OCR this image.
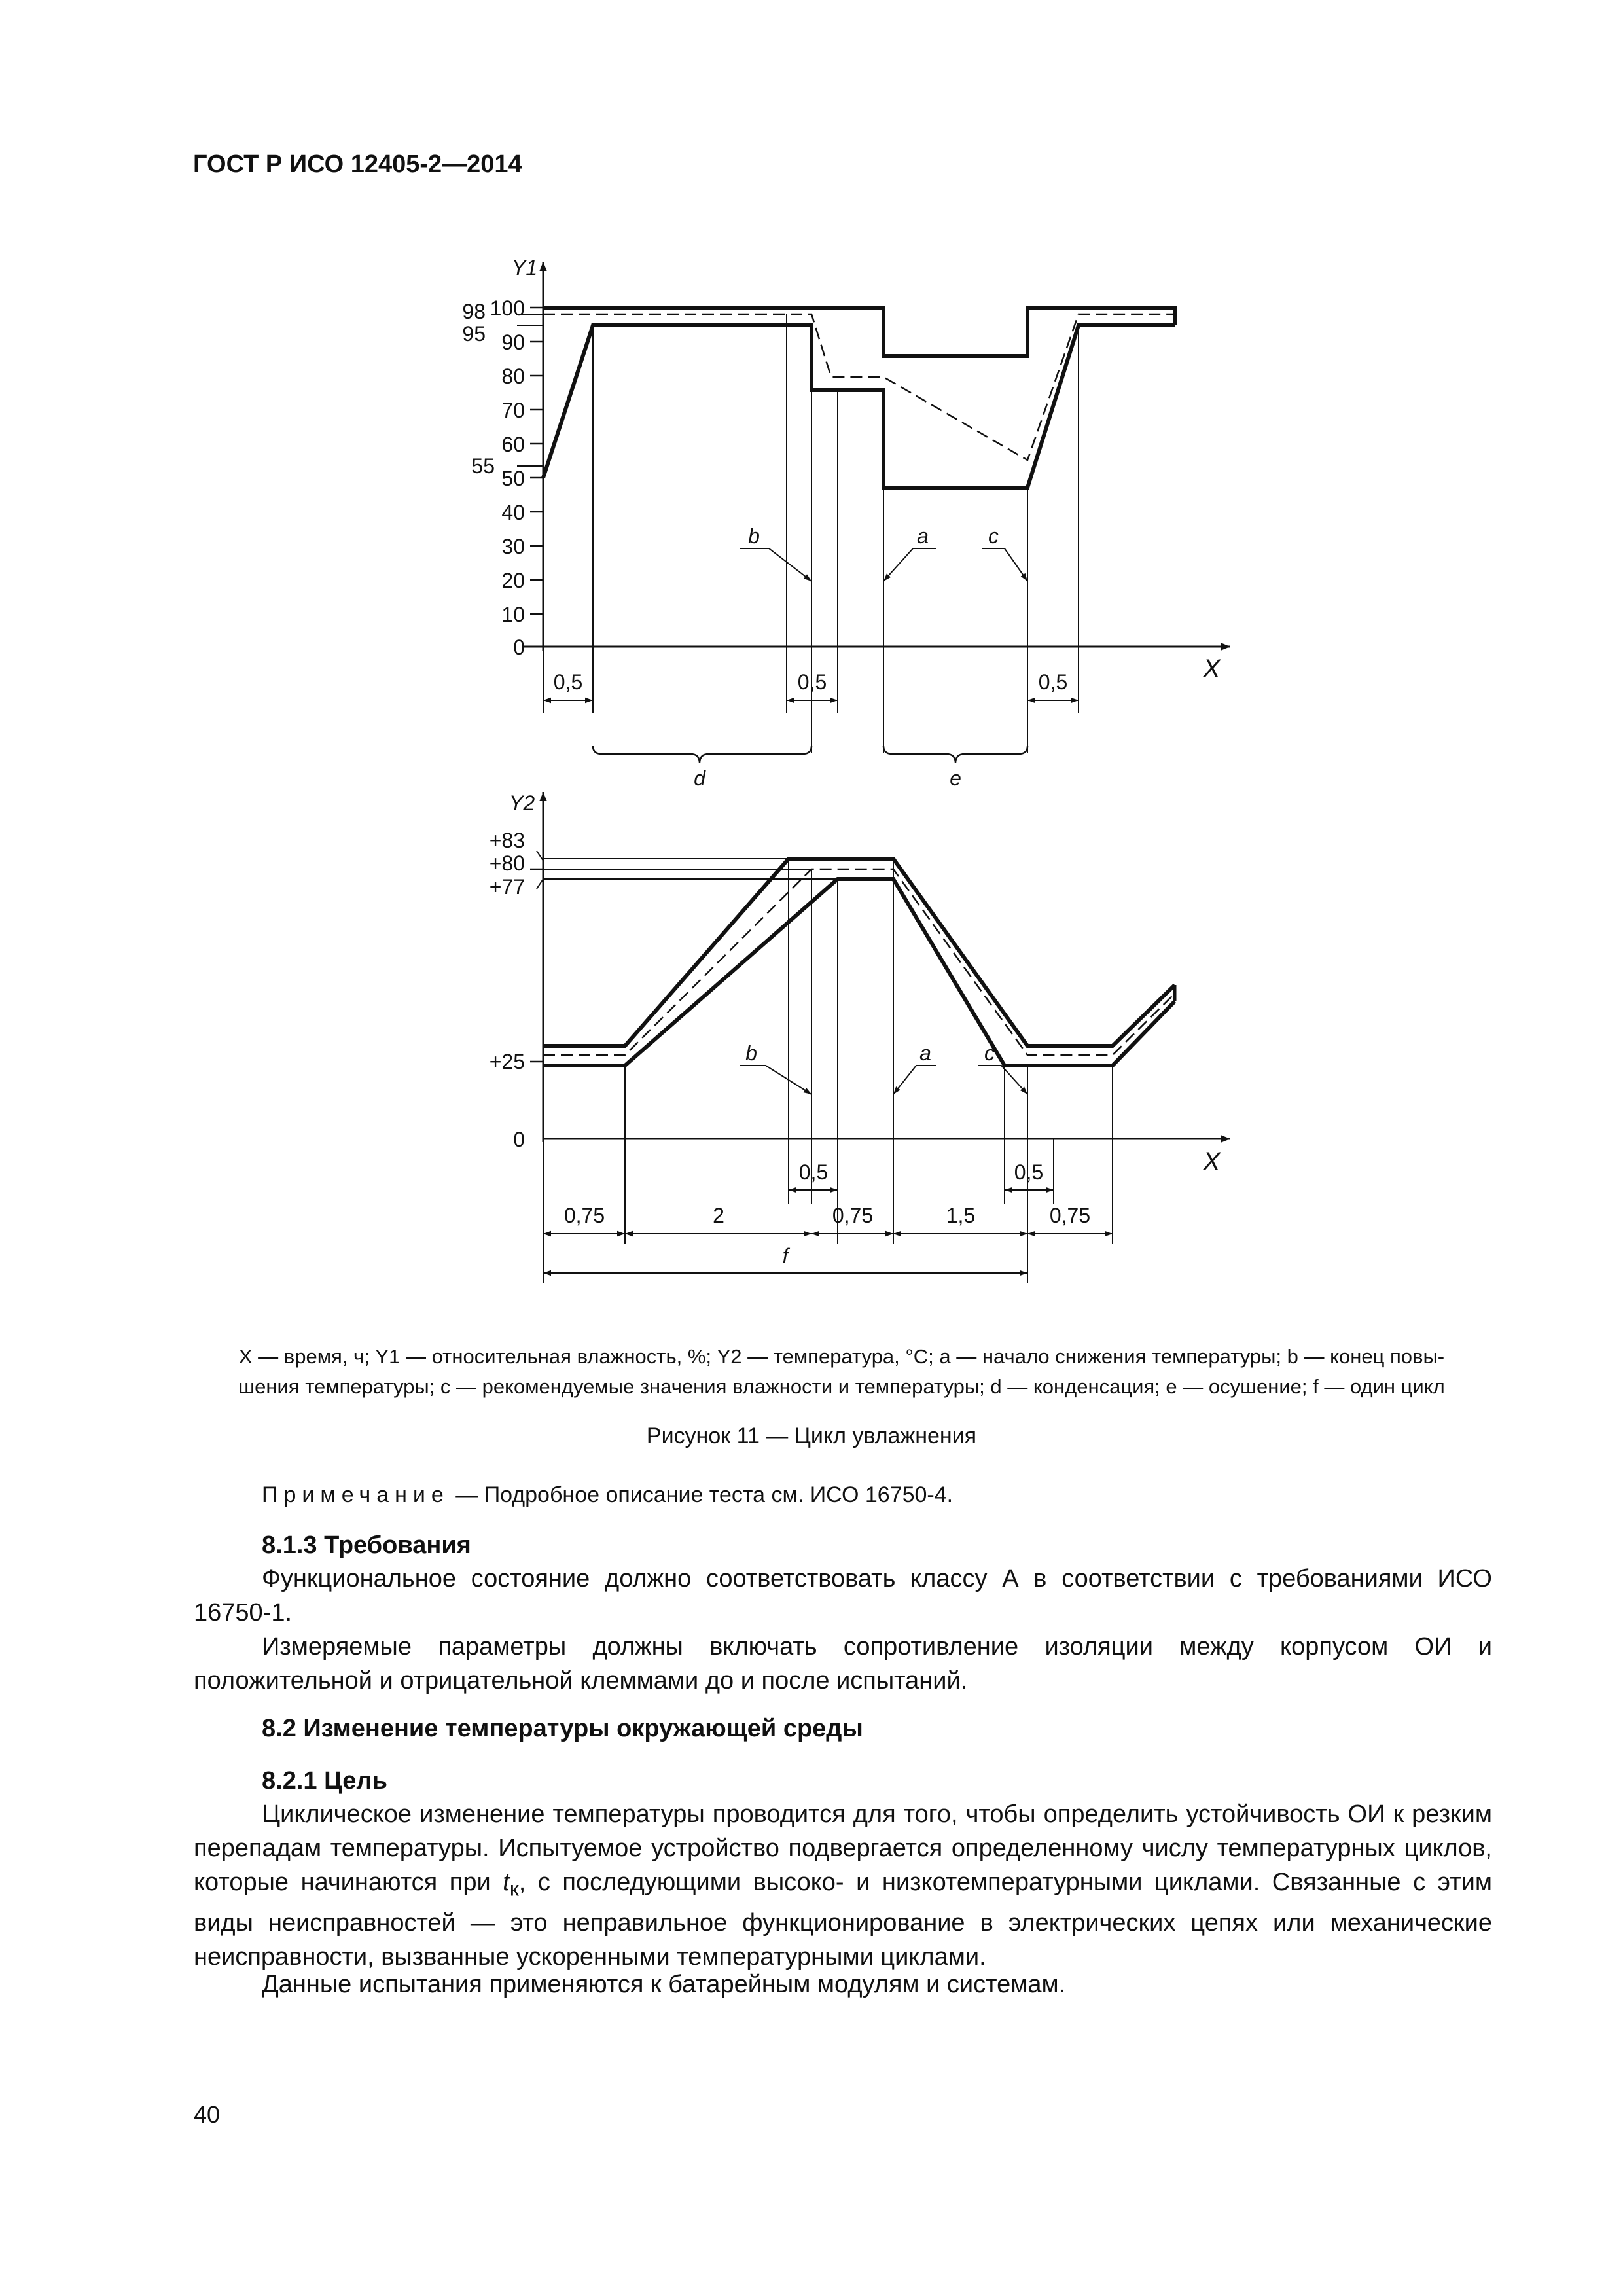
ГОСТ Р ИСО 12405-2—2014
Y1
X
100
90
80
70
60
50
40
30
20
10
0
98
95
55
0,5	0,5	0,5
d	e
b	a	c
Y2
X
+83
+80
+77
+25
0
0,5	0,5
0,75	2	0,75	1,5	0,75
f
b	a	c
X — время, ч; Y1 — относительная влажность, %; Y2 — температура, °C; a — начало снижения температуры; b — конец повы-
шения температуры; c — рекомендуемые значения влажности и температуры; d — конденсация; e — осушение; f — один цикл
Рисунок 11 — Цикл увлажнения
Примечание — Подробное описание теста см. ИСО 16750-4.
8.1.3 Требования
Функциональное состояние должно соответствовать классу А в соответствии с требованиями ИСО 16750-1.
Измеряемые параметры должны включать сопротивление изоляции между корпусом ОИ и положительной и отрицательной клеммами до и после испытаний.
8.2 Изменение температуры окружающей среды
8.2.1 Цель
Циклическое изменение температуры проводится для того, чтобы определить устойчивость ОИ к резким перепадам температуры. Испытуемое устройство подвергается определенному числу температурных циклов, которые начинаются при $t_к$, с последующими высоко- и низкотемпературными циклами. Связанные с этим виды неисправностей — это неправильное функционирование в электрических цепях или механические неисправности, вызванные ускоренными температурными циклами.
Данные испытания применяются к батарейным модулям и системам.
40
